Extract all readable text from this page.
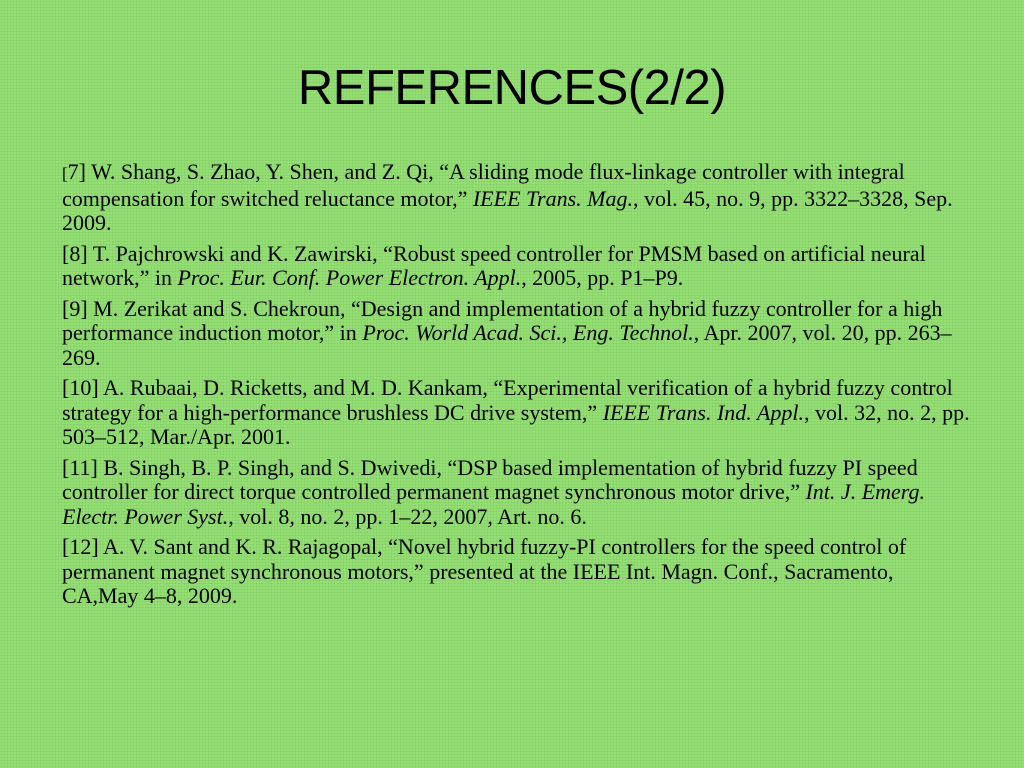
REFERENCES(2/2)

[7] W. Shang, S. Zhao, Y. Shen, and Z. Qi, “A sliding mode flux-linkage controller with integral compensation for switched reluctance motor,” IEEE Trans. Mag., vol. 45, no. 9, pp. 3322–3328, Sep. 2009.

[8] T. Pajchrowski and K. Zawirski, “Robust speed controller for PMSM based on artificial neural network,” in Proc. Eur. Conf. Power Electron. Appl., 2005, pp. P1–P9.

[9] M. Zerikat and S. Chekroun, “Design and implementation of a hybrid fuzzy controller for a high performance induction motor,” in Proc. World Acad. Sci., Eng. Technol., Apr. 2007, vol. 20, pp. 263–269.

[10] A. Rubaai, D. Ricketts, and M. D. Kankam, “Experimental verification of a hybrid fuzzy control strategy for a high-performance brushless DC drive system,” IEEE Trans. Ind. Appl., vol. 32, no. 2, pp. 503–512, Mar./Apr. 2001.

[11] B. Singh, B. P. Singh, and S. Dwivedi, “DSP based implementation of hybrid fuzzy PI speed controller for direct torque controlled permanent magnet synchronous motor drive,” Int. J. Emerg. Electr. Power Syst., vol. 8, no. 2, pp. 1–22, 2007, Art. no. 6.

[12] A. V. Sant and K. R. Rajagopal, “Novel hybrid fuzzy-PI controllers for the speed control of permanent magnet synchronous motors,” presented at the IEEE Int. Magn. Conf., Sacramento, CA,May 4–8, 2009.
